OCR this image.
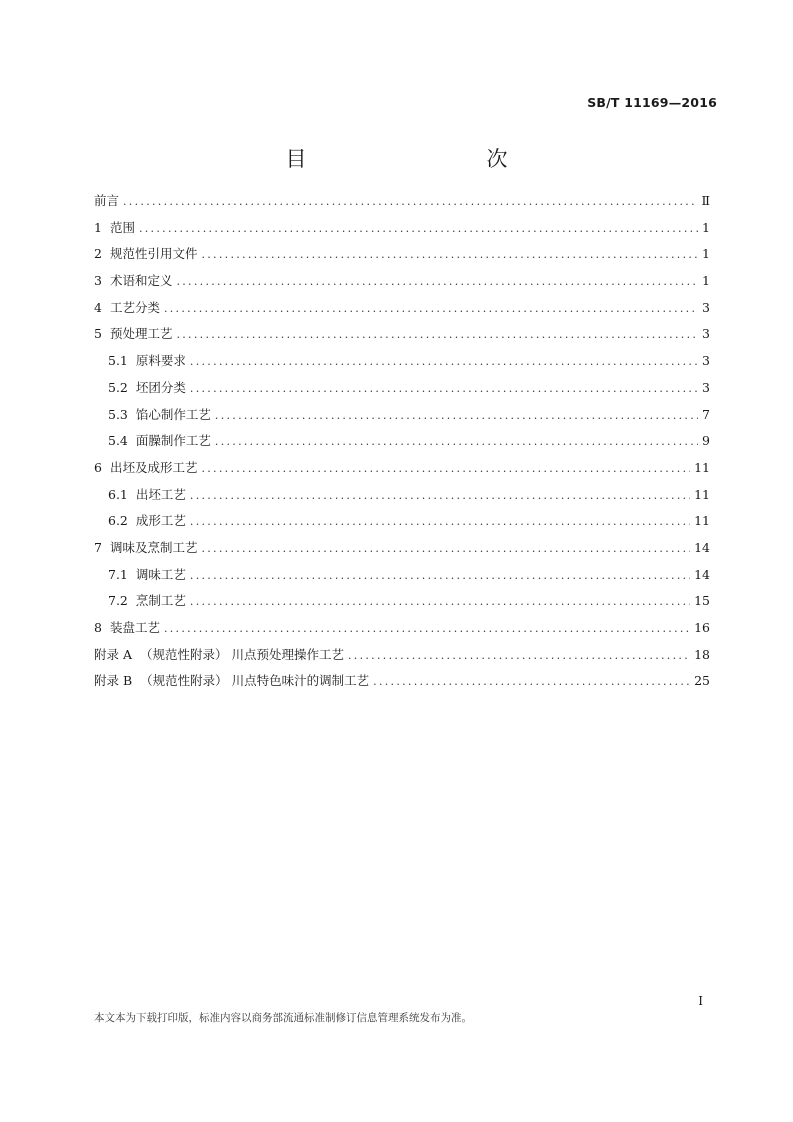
SB/T 11169—2016
目　　次
前言 .....	Ⅱ
1 范围 .....	1
2 规范性引用文件 .....	1
3 术语和定义 .....	1
4 工艺分类 .....	3
5 预处理工艺 .....	3
5.1 原料要求 .....	3
5.2 坯团分类 .....	3
5.3 馅心制作工艺 .....	7
5.4 面臊制作工艺 .....	9
6 出坯及成形工艺 .....	11
6.1 出坯工艺 .....	11
6.2 成形工艺 .....	11
7 调味及烹制工艺 .....	14
7.1 调味工艺 .....	14
7.2 烹制工艺 .....	15
8 装盘工艺 .....	16
附录 A （规范性附录） 川点预处理操作工艺 .....	18
附录 B （规范性附录） 川点特色味汁的调制工艺 .....	25
I
本文本为下载打印版，标准内容以商务部流通标准制修订信息管理系统发布为准。
